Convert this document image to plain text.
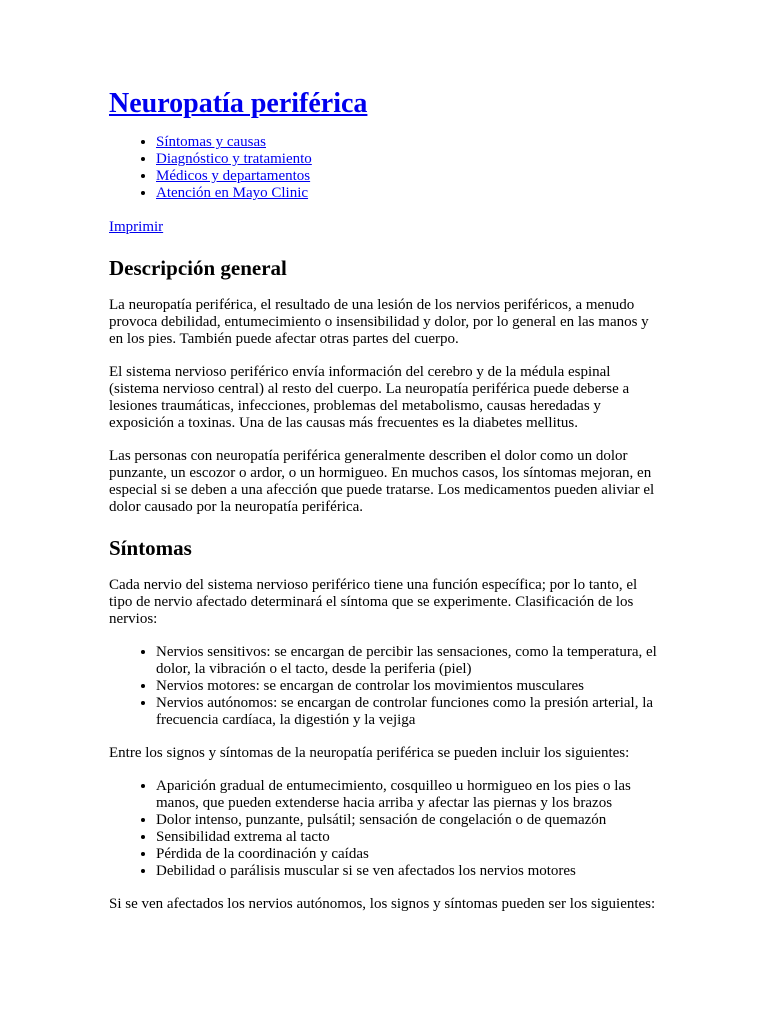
Neuropatía periférica
• Síntomas y causas
• Diagnóstico y tratamiento
• Médicos y departamentos
• Atención en Mayo Clinic
Imprimir
Descripción general

La neuropatía periférica, el resultado de una lesión de los nervios periféricos, a menudo provoca debilidad, entumecimiento o insensibilidad y dolor, por lo general en las manos y en los pies. También puede afectar otras partes del cuerpo.

El sistema nervioso periférico envía información del cerebro y de la médula espinal (sistema nervioso central) al resto del cuerpo. La neuropatía periférica puede deberse a lesiones traumáticas, infecciones, problemas del metabolismo, causas heredadas y exposición a toxinas. Una de las causas más frecuentes es la diabetes mellitus.

Las personas con neuropatía periférica generalmente describen el dolor como un dolor punzante, un escozor o ardor, o un hormigueo. En muchos casos, los síntomas mejoran, en especial si se deben a una afección que puede tratarse. Los medicamentos pueden aliviar el dolor causado por la neuropatía periférica.

Síntomas

Cada nervio del sistema nervioso periférico tiene una función específica; por lo tanto, el tipo de nervio afectado determinará el síntoma que se experimente. Clasificación de los nervios:

• Nervios sensitivos: se encargan de percibir las sensaciones, como la temperatura, el dolor, la vibración o el tacto, desde la periferia (piel)
• Nervios motores: se encargan de controlar los movimientos musculares
• Nervios autónomos: se encargan de controlar funciones como la presión arterial, la frecuencia cardíaca, la digestión y la vejiga

Entre los signos y síntomas de la neuropatía periférica se pueden incluir los siguientes:

• Aparición gradual de entumecimiento, cosquilleo u hormigueo en los pies o las manos, que pueden extenderse hacia arriba y afectar las piernas y los brazos
• Dolor intenso, punzante, pulsátil; sensación de congelación o de quemazón
• Sensibilidad extrema al tacto
• Pérdida de la coordinación y caídas
• Debilidad o parálisis muscular si se ven afectados los nervios motores

Si se ven afectados los nervios autónomos, los signos y síntomas pueden ser los siguientes:
